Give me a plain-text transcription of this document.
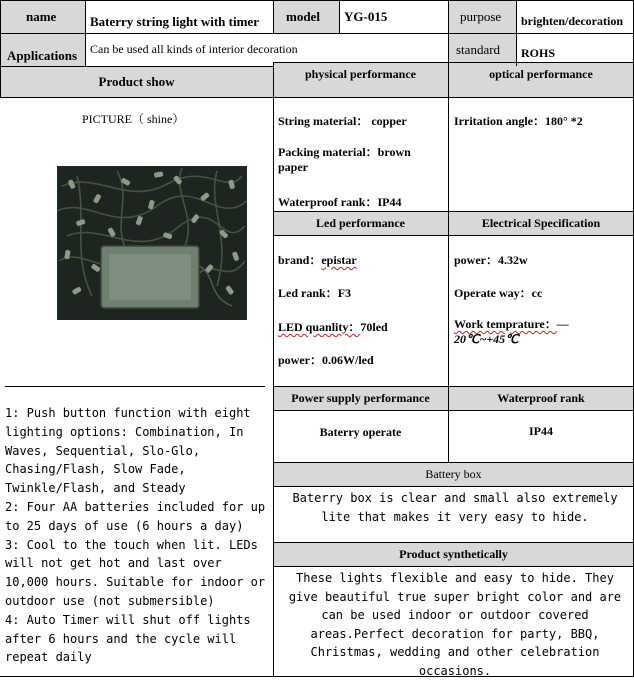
name	Baterry string light with timer model YG-015	purpose brighten/decoration
Applications Can be used all kinds of interior decoration	standard ROHS
Product show
PICTURE（ shine）
1: Push button function with eight lighting options: Combination, In Waves, Sequential, Slo-Glo, Chasing/Flash, Slow Fade, Twinkle/Flash, and Steady
2: Four AA batteries included for up to 25 days of use (6 hours a day)
3: Cool to the touch when lit. LEDs will not get hot and last over 10,000 hours. Suitable for indoor or outdoor use (not submersible)
4: Auto Timer will shut off lights after 6 hours and the cycle will repeat daily
physical performance	optical performance
String material： copper
Packing material：brown paper
Waterproof rank：IP44
Irritation angle：180° *2
Led performance	Electrical Specification
brand：epistar
Led rank：F3
LED quanlity：70led
power：0.06W/led
power：4.32w
Operate way：cc
Work temprature：—20℃~+45℃
Power supply performance	Waterproof rank
Baterry operate	IP44
Battery box
Baterry box is clear and small also extremely lite that makes it very easy to hide.
Product synthetically
These lights flexible and easy to hide. They give beautiful true super bright color and are can be used indoor or outdoor covered areas.Perfect decoration for party, BBQ, Christmas, wedding and other celebration occasions.
